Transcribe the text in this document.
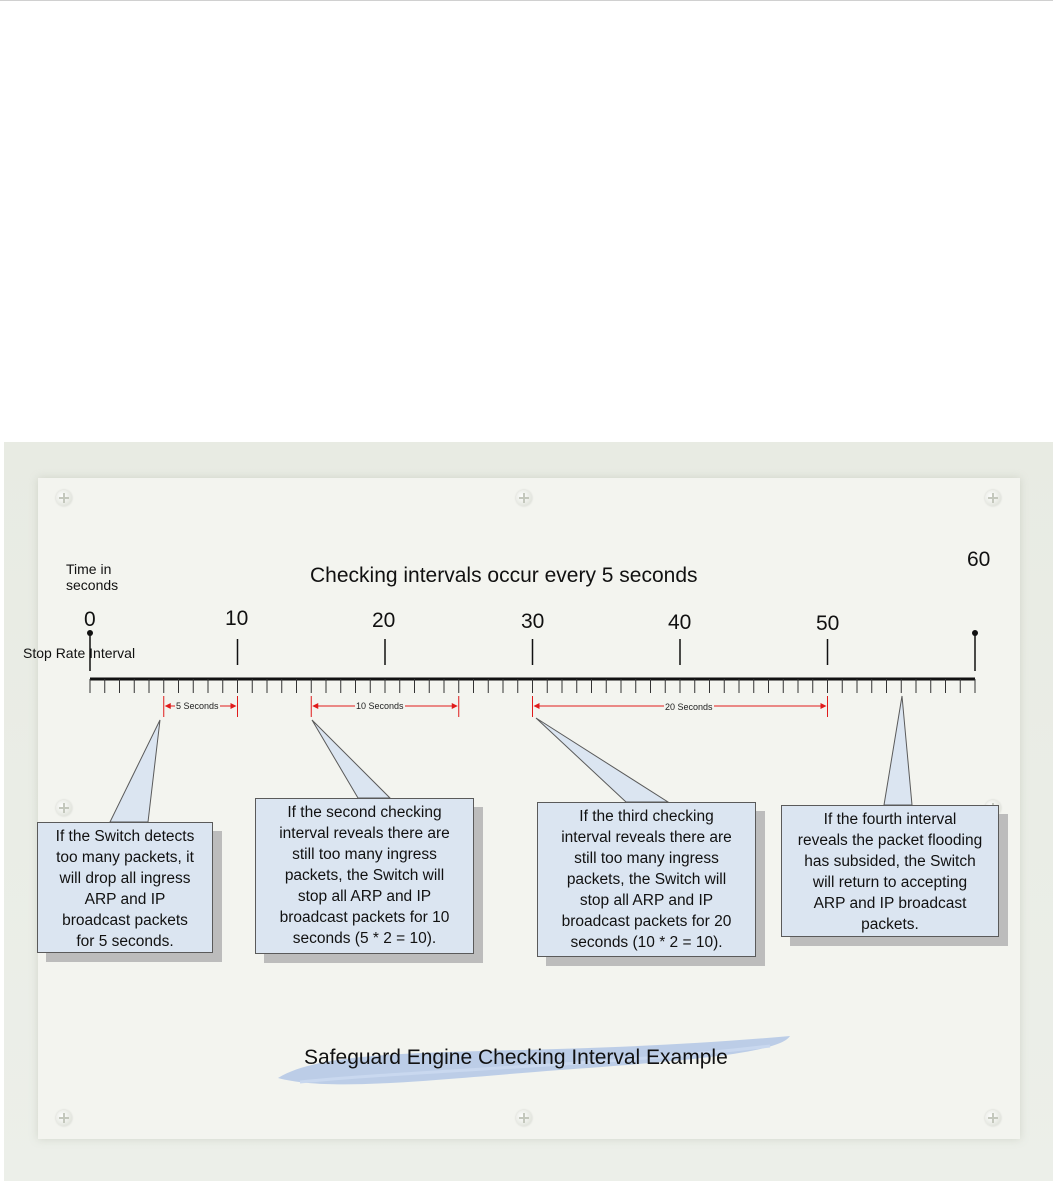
Time in
seconds
Stop Rate Interval
Checking intervals occur every 5 seconds
0	10	20	30	40	50
60
5 Seconds	10 Seconds	20 Seconds
If the Switch detects
too many packets, it
will drop all ingress
ARP and IP
broadcast packets
for 5 seconds.
If the second checking
interval reveals there are
still too many ingress
packets, the Switch will
stop all ARP and IP
broadcast packets for 10
seconds (5 * 2 = 10).
If the third checking
interval reveals there are
still too many ingress
packets, the Switch will
stop all ARP and IP
broadcast packets for 20
seconds (10 * 2 = 10).
If the fourth interval
reveals the packet flooding
has subsided, the Switch
will return to accepting
ARP and IP broadcast
packets.
Safeguard Engine Checking Interval Example
